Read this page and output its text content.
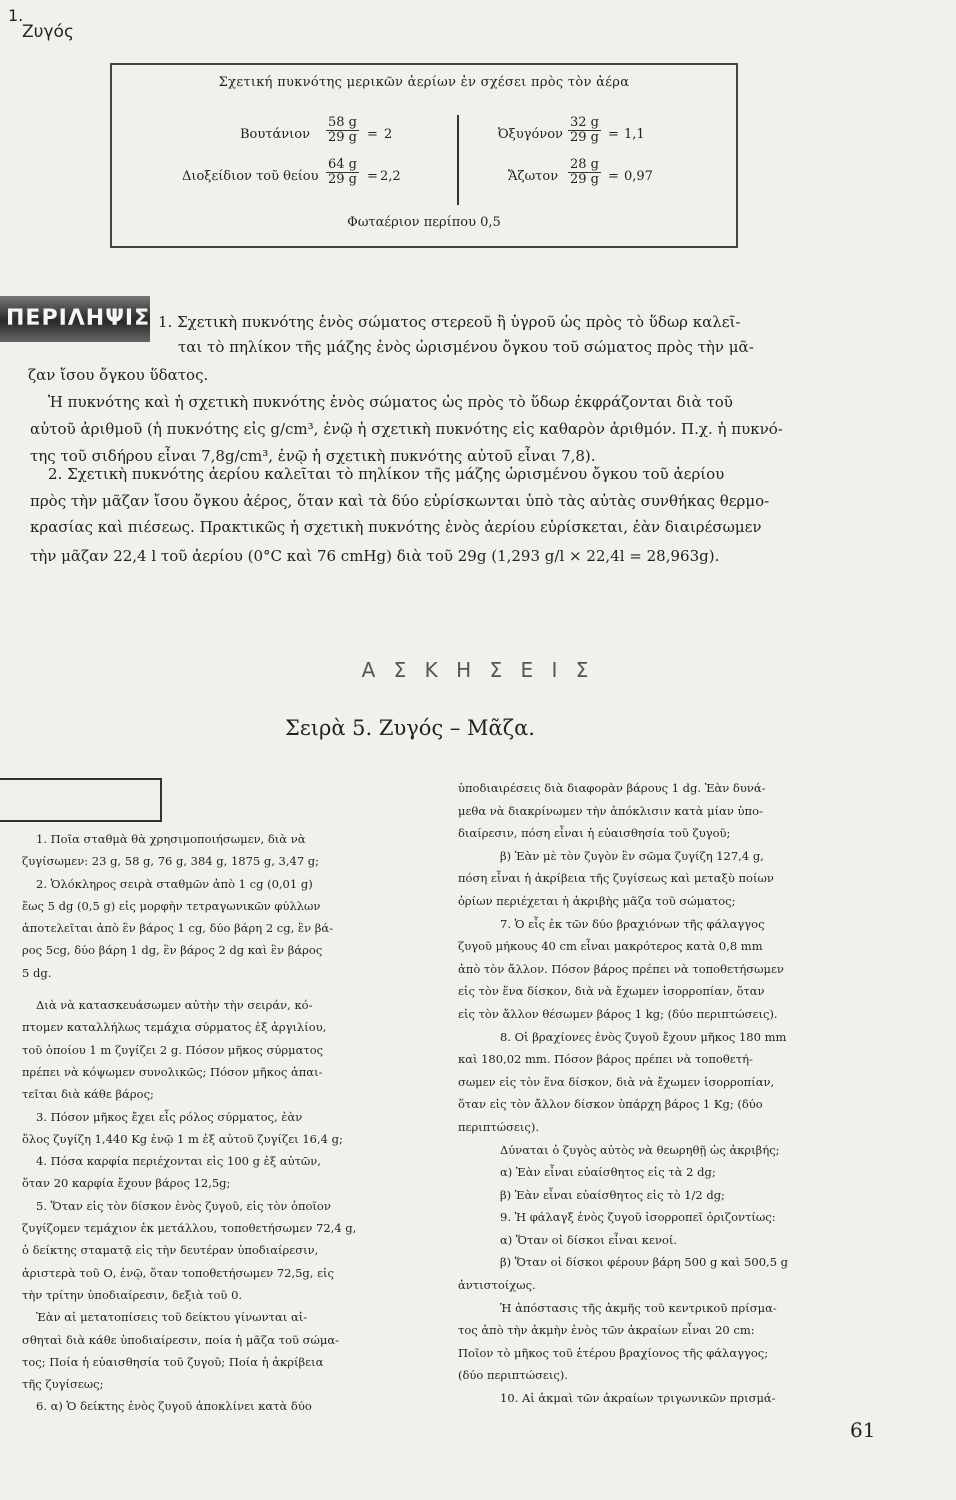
Σχετική πυκνότης μερικῶν ἀερίων ἐν σχέσει πρὸς τὸν ἀέρα
Βουτάνιον $\frac{58 g}{29 g} = 2$
Διοξείδιον τοῦ θείου $\frac{64 g}{29 g} = 2,2$
Ὀξυγόνον $\frac{32 g}{29 g} = 1,1$
Ἄζωτον $\frac{28 g}{29 g} = 0,97$
Φωταέριον περίπου 0,5
ΠΕΡΙΛΗΨΙΣ 1. Σχετικὴ πυκνότης ἑνὸς σώματος στερεοῦ ἢ ὑγροῦ ὡς πρὸς τὸ ὕδωρ καλεῖ-
ται τὸ πηλίκον τῆς μάζης ἑνὸς ὡρισμένου ὄγκου τοῦ σώματος πρὸς τὴν μᾶ-
ζαν ἴσου ὄγκου ὕδατος.
Ἡ πυκνότης καὶ ἡ σχετικὴ πυκνότης ἑνὸς σώματος ὡς πρὸς τὸ ὕδωρ ἐκφράζονται διὰ τοῦ
αὐτοῦ ἀριθμοῦ (ἡ πυκνότης εἰς g/cm³, ἐνῷ ἡ σχετικὴ πυκνότης εἰς καθαρὸν ἀριθμόν. Π.χ. ἡ πυκνό-
της τοῦ σιδήρου εἶναι 7,8g/cm³, ἐνῷ ἡ σχετικὴ πυκνότης αὐτοῦ εἶναι 7,8).
2. Σχετικὴ πυκνότης ἀερίου καλεῖται τὸ πηλίκον τῆς μάζης ὡρισμένου ὄγκου τοῦ ἀερίου
πρὸς τὴν μᾶζαν ἴσου ὄγκου ἀέρος, ὅταν καὶ τὰ δύο εὑρίσκωνται ὑπὸ τὰς αὐτὰς συνθήκας θερμο-
κρασίας καὶ πιέσεως. Πρακτικῶς ἡ σχετικὴ πυκνότης ἑνὸς ἀερίου εὑρίσκεται, ἐὰν διαιρέσωμεν
τὴν μᾶζαν 22,4 l τοῦ ἀερίου (0°C καὶ 76 cmHg) διὰ τοῦ 29g (1,293 g/l × 22,4l = 28,963g).
Α Σ Κ Η Σ Ε Ι Σ
Σειρὰ 5. Ζυγός – Μᾶζα.
1.
Ζυγός
1. Ποῖα σταθμὰ θὰ χρησιμοποιήσωμεν, διὰ νὰ
ζυγίσωμεν: 23 g, 58 g, 76 g, 384 g, 1875 g, 3,47 g;
2. Ὁλόκληρος σειρὰ σταθμῶν ἀπὸ 1 cg (0,01 g)
ἕως 5 dg (0,5 g) εἰς μορφὴν τετραγωνικῶν φύλλων
ἀποτελεῖται ἀπὸ ἓν βάρος 1 cg, δύο βάρη 2 cg, ἓν βά-
ρος 5cg, δύο βάρη 1 dg, ἓν βάρος 2 dg καὶ ἓν βάρος
5 dg.
Διὰ νὰ κατασκευάσωμεν αὐτὴν τὴν σειράν, κό-
πτομεν καταλλήλως τεμάχια σύρματος ἐξ ἀργιλίου,
τοῦ ὁποίου 1 m ζυγίζει 2 g. Πόσον μῆκος σύρματος
πρέπει νὰ κόψωμεν συνολικῶς; Πόσον μῆκος ἀπαι-
τεῖται διὰ κάθε βάρος;
3. Πόσον μῆκος ἔχει εἷς ρόλος σύρματος, ἐὰν
ὅλος ζυγίζη 1,440 Kg ἐνῷ 1 m ἐξ αὐτοῦ ζυγίζει 16,4 g;
4. Πόσα καρφία περιέχονται εἰς 100 g ἐξ αὐτῶν,
ὅταν 20 καρφία ἔχουν βάρος 12,5g;
5. Ὅταν εἰς τὸν δίσκον ἑνὸς ζυγοῦ, εἰς τὸν ὁποῖον
ζυγίζομεν τεμάχιον ἐκ μετάλλου, τοποθετήσωμεν 72,4 g,
ὁ δείκτης σταματᾷ εἰς τὴν δευτέραν ὑποδιαίρεσιν,
ἀριστερὰ τοῦ Ο, ἐνῷ, ὅταν τοποθετήσωμεν 72,5g, εἰς
τὴν τρίτην ὑποδιαίρεσιν, δεξιὰ τοῦ 0.
Ἐὰν αἱ μετατοπίσεις τοῦ δείκτου γίνωνται αἰ-
σθηταὶ διὰ κάθε ὑποδιαίρεσιν, ποία ἡ μᾶζα τοῦ σώμα-
τος; Ποία ἡ εὐαισθησία τοῦ ζυγοῦ; Ποία ἡ ἀκρίβεια
τῆς ζυγίσεως;
6. α) Ὁ δείκτης ἑνὸς ζυγοῦ ἀποκλίνει κατὰ δύο
ὑποδιαιρέσεις διὰ διαφορὰν βάρους 1 dg. Ἐὰν δυνά-
μεθα νὰ διακρίνωμεν τὴν ἀπόκλισιν κατὰ μίαν ὑπο-
διαίρεσιν, πόση εἶναι ἡ εὐαισθησία τοῦ ζυγοῦ;
β) Ἐὰν μὲ τὸν ζυγὸν ἓν σῶμα ζυγίζη 127,4 g,
πόση εἶναι ἡ ἀκρίβεια τῆς ζυγίσεως καὶ μεταξὺ ποίων
ὁρίων περιέχεται ἡ ἀκριβὴς μᾶζα τοῦ σώματος;
7. Ὁ εἷς ἐκ τῶν δύο βραχιόνων τῆς φάλαγγος
ζυγοῦ μήκους 40 cm εἶναι μακρότερος κατὰ 0,8 mm
ἀπὸ τὸν ἄλλον. Πόσον βάρος πρέπει νὰ τοποθετήσωμεν
εἰς τὸν ἕνα δίσκον, διὰ νὰ ἔχωμεν ἰσορροπίαν, ὅταν
εἰς τὸν ἄλλον θέσωμεν βάρος 1 kg; (δύο περιπτώσεις).
8. Οἱ βραχίονες ἑνὸς ζυγοῦ ἔχουν μῆκος 180 mm
καὶ 180,02 mm. Πόσον βάρος πρέπει νὰ τοποθετή-
σωμεν εἰς τὸν ἕνα δίσκον, διὰ νὰ ἔχωμεν ἰσορροπίαν,
ὅταν εἰς τὸν ἄλλον δίσκον ὑπάρχη βάρος 1 Kg; (δύο
περιπτώσεις).
Δύναται ὁ ζυγὸς αὐτὸς νὰ θεωρηθῇ ὡς ἀκριβής;
α) Ἐὰν εἶναι εὐαίσθητος εἰς τὰ 2 dg;
β) Ἐὰν εἶναι εὐαίσθητος εἰς τὸ 1/2 dg;
9. Ἡ φάλαγξ ἑνὸς ζυγοῦ ἰσορροπεῖ ὁριζοντίως:
α) Ὅταν οἱ δίσκοι εἶναι κενοί.
β) Ὅταν οἱ δίσκοι φέρουν βάρη 500 g καὶ 500,5 g
ἀντιστοίχως.
Ἡ ἀπόστασις τῆς ἀκμῆς τοῦ κεντρικοῦ πρίσμα-
τος ἀπὸ τὴν ἀκμὴν ἑνὸς τῶν ἀκραίων εἶναι 20 cm:
Ποῖον τὸ μῆκος τοῦ ἑτέρου βραχίονος τῆς φάλαγγος;
(δύο περιπτώσεις).
10. Αἱ ἀκμαὶ τῶν ἀκραίων τριγωνικῶν πρισμά-
61
